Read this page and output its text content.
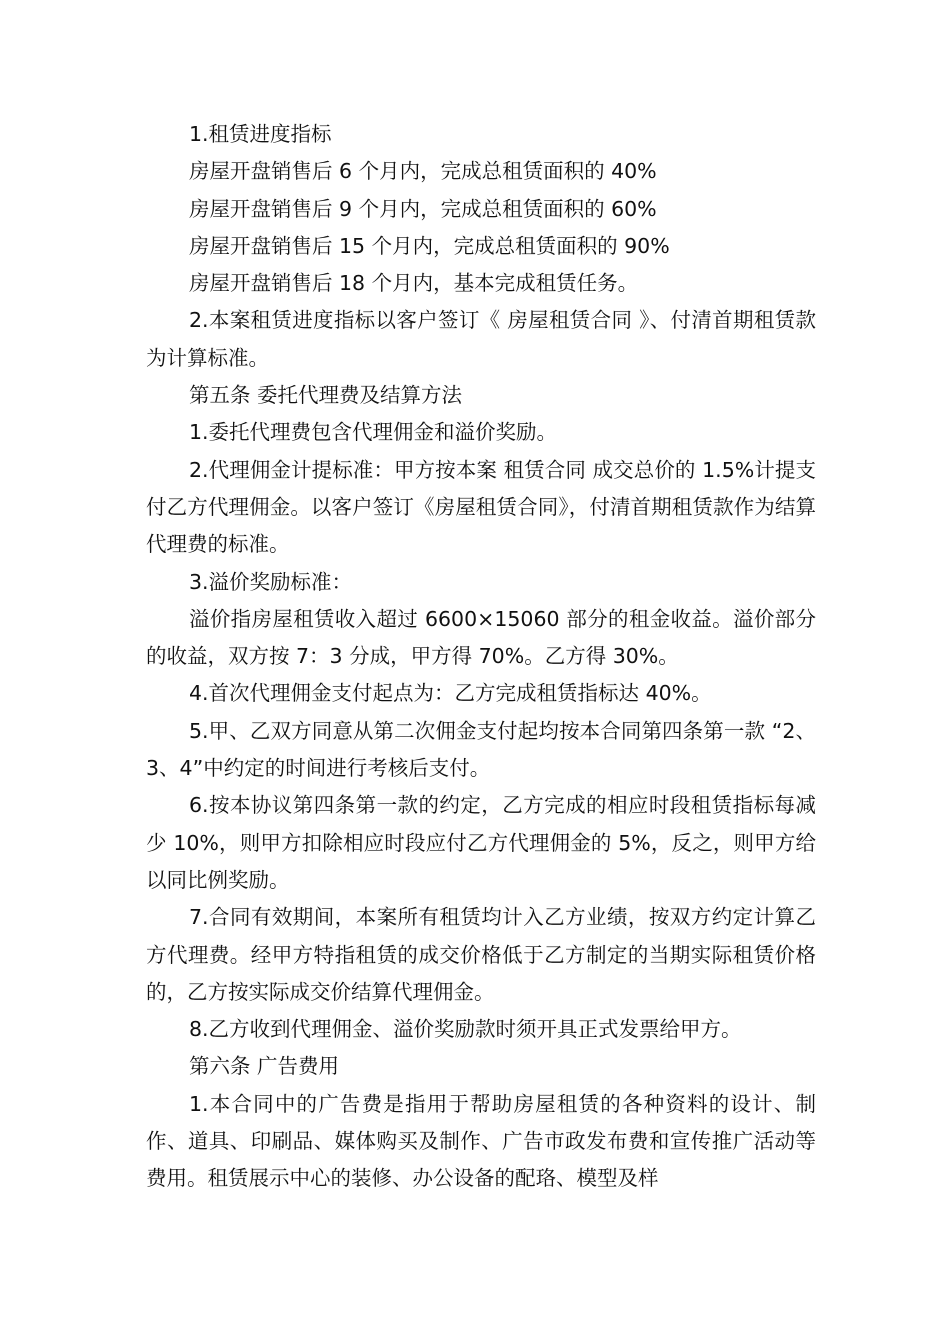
1.租赁进度指标

房屋开盘销售后 6 个月内，完成总租赁面积的 40%

房屋开盘销售后 9 个月内，完成总租赁面积的 60%

房屋开盘销售后 15 个月内，完成总租赁面积的 90%

房屋开盘销售后 18 个月内，基本完成租赁任务。

2.本案租赁进度指标以客户签订《 房屋租赁合同 》、付清首期租赁款为计算标准。

第五条 委托代理费及结算方法

1.委托代理费包含代理佣金和溢价奖励。

2.代理佣金计提标准：甲方按本案 租赁合同 成交总价的 1.5%计提支付乙方代理佣金。以客户签订《房屋租赁合同》，付清首期租赁款作为结算代理费的标准。

3.溢价奖励标准：

溢价指房屋租赁收入超过 6600×15060 部分的租金收益。溢价部分的收益，双方按 7：3 分成，甲方得 70%。乙方得 30%。

4.首次代理佣金支付起点为：乙方完成租赁指标达 40%。

5.甲、乙双方同意从第二次佣金支付起均按本合同第四条第一款 “2、3、4”中约定的时间进行考核后支付。

6.按本协议第四条第一款的约定，乙方完成的相应时段租赁指标每减少 10%，则甲方扣除相应时段应付乙方代理佣金的 5%，反之，则甲方给以同比例奖励。

7.合同有效期间，本案所有租赁均计入乙方业绩，按双方约定计算乙方代理费。经甲方特指租赁的成交价格低于乙方制定的当期实际租赁价格的，乙方按实际成交价结算代理佣金。

8.乙方收到代理佣金、溢价奖励款时须开具正式发票给甲方。

第六条 广告费用

1.本合同中的广告费是指用于帮助房屋租赁的各种资料的设计、制作、道具、印刷品、媒体购买及制作、广告市政发布费和宣传推广活动等费用。租赁展示中心的装修、办公设备的配珞、模型及样
